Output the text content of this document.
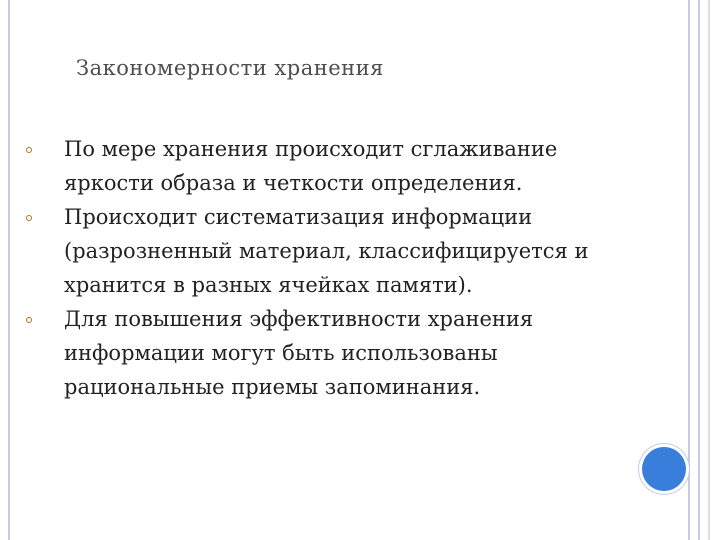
Закономерности хранения
По мере хранения происходит сглаживание яркости образа и четкости определения.
Происходит систематизация информации (разрозненный материал, классифицируется и хранится в разных ячейках памяти).
Для повышения эффективности хранения информации могут быть использованы рациональные приемы запоминания.
